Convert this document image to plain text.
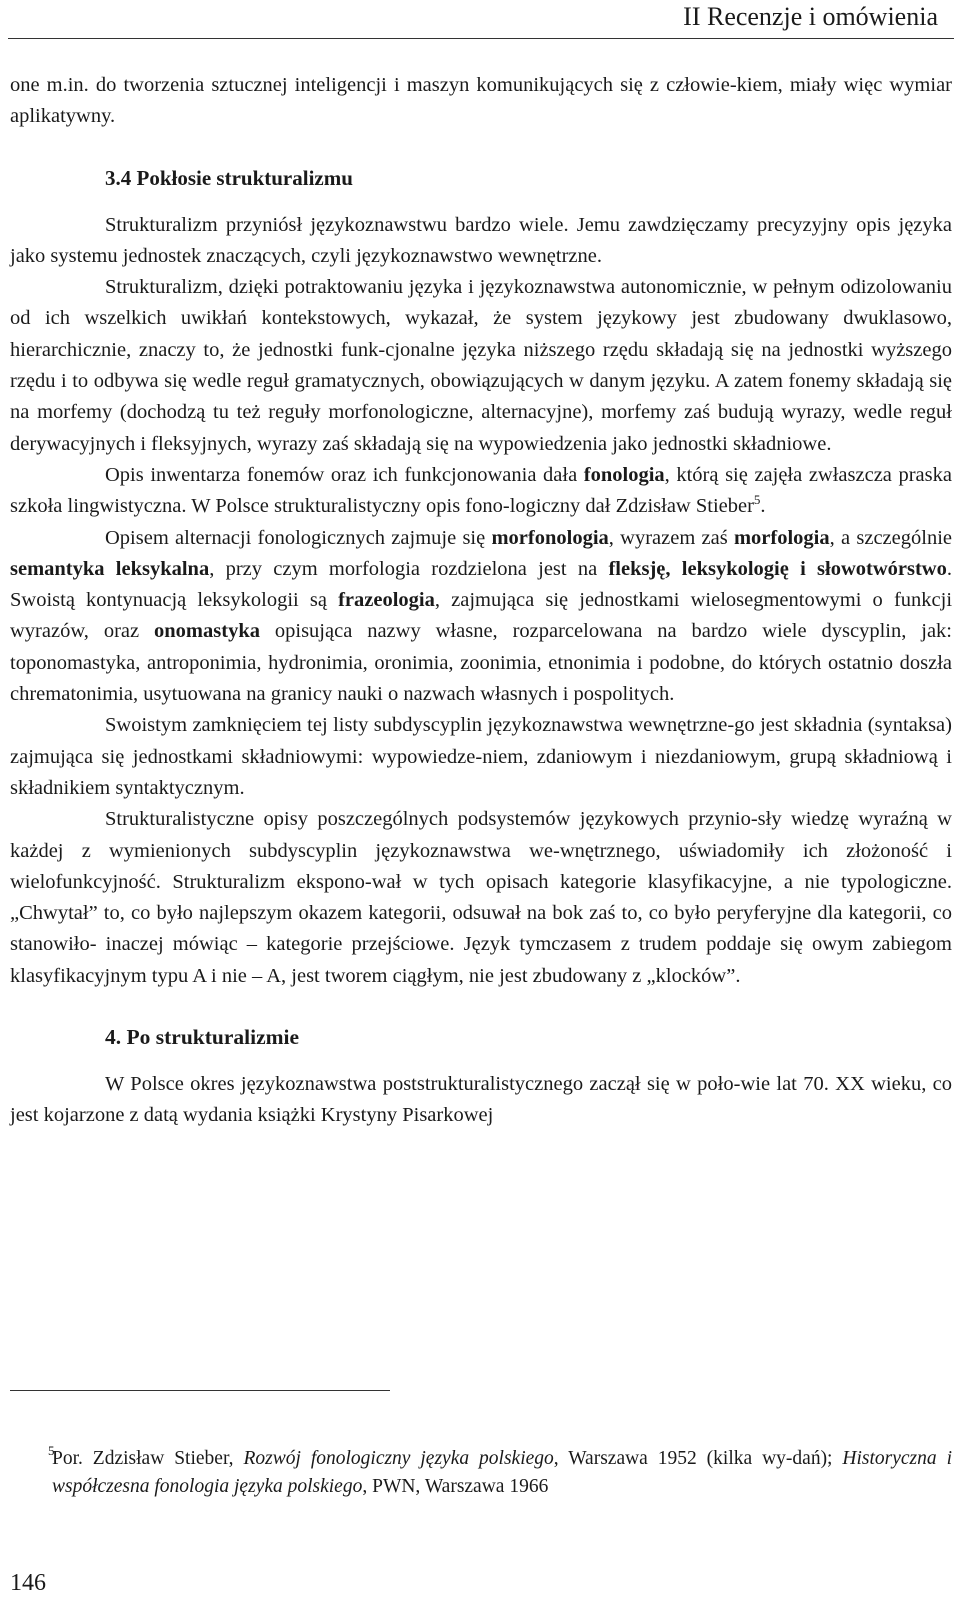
II Recenzje i omówienia

one m.in. do tworzenia sztucznej inteligencji i maszyn komunikujących się z człowie-kiem, miały więc wymiar aplikatywny.

3.4 Pokłosie strukturalizmu

Strukturalizm przyniósł językoznawstwu bardzo wiele. Jemu zawdzięczamy precyzyjny opis języka jako systemu jednostek znaczących, czyli językoznawstwo wewnętrzne.

Strukturalizm, dzięki potraktowaniu języka i językoznawstwa autonomicznie, w pełnym odizolowaniu od ich wszelkich uwikłań kontekstowych, wykazał, że system językowy jest zbudowany dwuklasowo, hierarchicznie, znaczy to, że jednostki funk-cjonalne języka niższego rzędu składają się na jednostki wyższego rzędu i to odbywa się wedle reguł gramatycznych, obowiązujących w danym języku. A zatem fonemy składają się na morfemy (dochodzą tu też reguły morfonologiczne, alternacyjne), morfemy zaś budują wyrazy, wedle reguł derywacyjnych i fleksyjnych, wyrazy zaś składają się na wypowiedzenia jako jednostki składniowe.

Opis inwentarza fonemów oraz ich funkcjonowania dała fonologia, którą się zajęła zwłaszcza praska szkoła lingwistyczna. W Polsce strukturalistyczny opis fono-logiczny dał Zdzisław Stieber$^5$.

Opisem alternacji fonologicznych zajmuje się morfonologia, wyrazem zaś morfologia, a szczególnie semantyka leksykalna, przy czym morfologia rozdzielona jest na fleksję, leksykologię i słowotwórstwo. Swoistą kontynuacją leksykologii są frazeologia, zajmująca się jednostkami wielosegmentowymi o funkcji wyrazów, oraz onomastyka opisująca nazwy własne, rozparcelowana na bardzo wiele dyscyplin, jak: toponomastyka, antroponimia, hydronimia, oronimia, zoonimia, etnonimia i podobne, do których ostatnio doszła chrematonimia, usytuowana na granicy nauki o nazwach własnych i pospolitych.

Swoistym zamknięciem tej listy subdyscyplin językoznawstwa wewnętrzne-go jest składnia (syntaksa) zajmująca się jednostkami składniowymi: wypowiedze-niem, zdaniowym i niezdaniowym, grupą składniową i składnikiem syntaktycznym.

Strukturalistyczne opisy poszczególnych podsystemów językowych przynio-sły wiedzę wyraźną w każdej z wymienionych subdyscyplin językoznawstwa we-wnętrznego, uświadomiły ich złożoność i wielofunkcyjność. Strukturalizm ekspono-wał w tych opisach kategorie klasyfikacyjne, a nie typologiczne. „Chwytał” to, co było najlepszym okazem kategorii, odsuwał na bok zaś to, co było peryferyjne dla kategorii, co stanowiło- inaczej mówiąc – kategorie przejściowe. Język tymczasem z trudem poddaje się owym zabiegom klasyfikacyjnym typu A i nie – A, jest tworem ciągłym, nie jest zbudowany z „klocków”.

4. Po strukturalizmie

W Polsce okres językoznawstwa poststrukturalistycznego zaczął się w poło-wie lat 70. XX wieku, co jest kojarzone z datą wydania książki Krystyny Pisarkowej

5
Por. Zdzisław Stieber, Rozwój fonologiczny języka polskiego, Warszawa 1952 (kilka wy-dań); Historyczna i współczesna fonologia języka polskiego, PWN, Warszawa 1966
146
